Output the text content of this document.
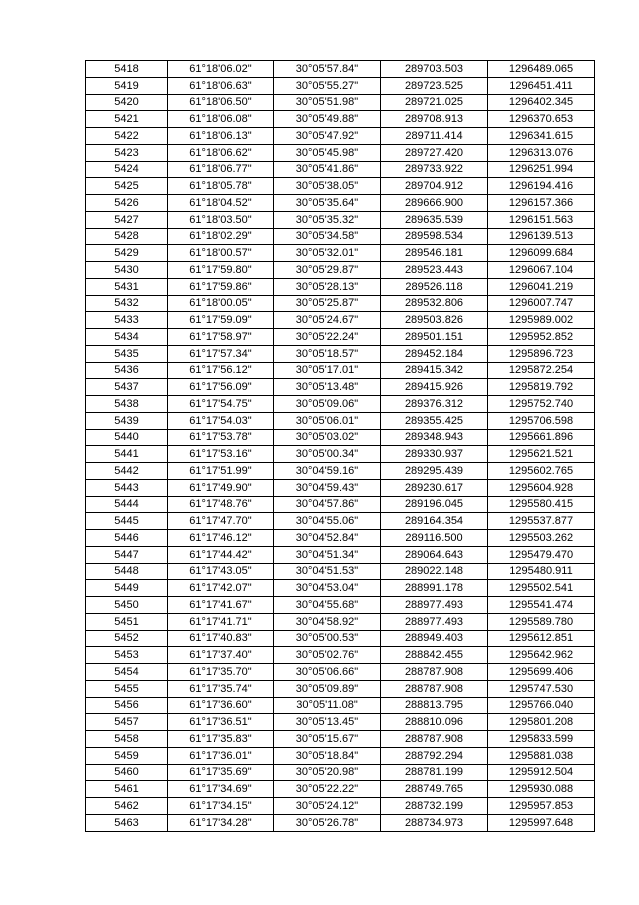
5418	61°18'06.02"	30°05'57.84"	289703.503	1296489.065
5419	61°18'06.63"	30°05'55.27"	289723.525	1296451.411
5420	61°18'06.50"	30°05'51.98"	289721.025	1296402.345
5421	61°18'06.08"	30°05'49.88"	289708.913	1296370.653
5422	61°18'06.13"	30°05'47.92"	289711.414	1296341.615
5423	61°18'06.62"	30°05'45.98"	289727.420	1296313.076
5424	61°18'06.77"	30°05'41.86"	289733.922	1296251.994
5425	61°18'05.78"	30°05'38.05"	289704.912	1296194.416
5426	61°18'04.52"	30°05'35.64"	289666.900	1296157.366
5427	61°18'03.50"	30°05'35.32"	289635.539	1296151.563
5428	61°18'02.29"	30°05'34.58"	289598.534	1296139.513
5429	61°18'00.57"	30°05'32.01"	289546.181	1296099.684
5430	61°17'59.80"	30°05'29.87"	289523.443	1296067.104
5431	61°17'59.86"	30°05'28.13"	289526.118	1296041.219
5432	61°18'00.05"	30°05'25.87"	289532.806	1296007.747
5433	61°17'59.09"	30°05'24.67"	289503.826	1295989.002
5434	61°17'58.97"	30°05'22.24"	289501.151	1295952.852
5435	61°17'57.34"	30°05'18.57"	289452.184	1295896.723
5436	61°17'56.12"	30°05'17.01"	289415.342	1295872.254
5437	61°17'56.09"	30°05'13.48"	289415.926	1295819.792
5438	61°17'54.75"	30°05'09.06"	289376.312	1295752.740
5439	61°17'54.03"	30°05'06.01"	289355.425	1295706.598
5440	61°17'53.78"	30°05'03.02"	289348.943	1295661.896
5441	61°17'53.16"	30°05'00.34"	289330.937	1295621.521
5442	61°17'51.99"	30°04'59.16"	289295.439	1295602.765
5443	61°17'49.90"	30°04'59.43"	289230.617	1295604.928
5444	61°17'48.76"	30°04'57.86"	289196.045	1295580.415
5445	61°17'47.70"	30°04'55.06"	289164.354	1295537.877
5446	61°17'46.12"	30°04'52.84"	289116.500	1295503.262
5447	61°17'44.42"	30°04'51.34"	289064.643	1295479.470
5448	61°17'43.05"	30°04'51.53"	289022.148	1295480.911
5449	61°17'42.07"	30°04'53.04"	288991.178	1295502.541
5450	61°17'41.67"	30°04'55.68"	288977.493	1295541.474
5451	61°17'41.71"	30°04'58.92"	288977.493	1295589.780
5452	61°17'40.83"	30°05'00.53"	288949.403	1295612.851
5453	61°17'37.40"	30°05'02.76"	288842.455	1295642.962
5454	61°17'35.70"	30°05'06.66"	288787.908	1295699.406
5455	61°17'35.74"	30°05'09.89"	288787.908	1295747.530
5456	61°17'36.60"	30°05'11.08"	288813.795	1295766.040
5457	61°17'36.51"	30°05'13.45"	288810.096	1295801.208
5458	61°17'35.83"	30°05'15.67"	288787.908	1295833.599
5459	61°17'36.01"	30°05'18.84"	288792.294	1295881.038
5460	61°17'35.69"	30°05'20.98"	288781.199	1295912.504
5461	61°17'34.69"	30°05'22.22"	288749.765	1295930.088
5462	61°17'34.15"	30°05'24.12"	288732.199	1295957.853
5463	61°17'34.28"	30°05'26.78"	288734.973	1295997.648
